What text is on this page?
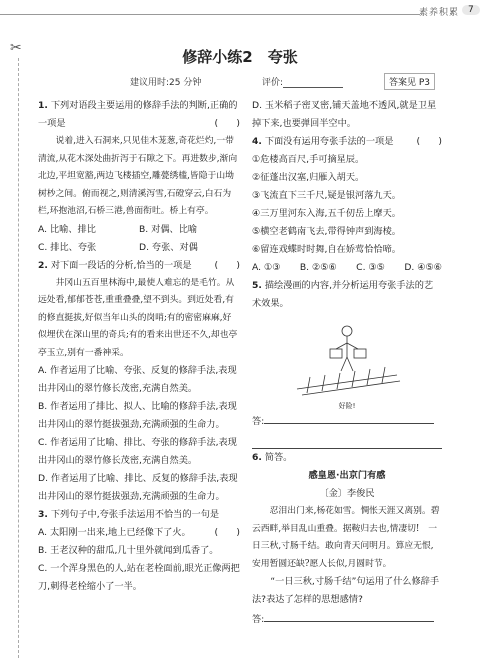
素养积累 7
✂	修辞小练2　夸张
建议用时:25 分钟	评价:	答案见 P3

1. 下列对语段主要运用的修辞手法的判断,正确的一项是	(　　)

说着,进入石洞来,只见佳木茏葱,奇花烂灼,一带清流,从花木深处曲折泻于石隙之下。再进数步,渐向北边,平坦宽豁,两边飞楼插空,雕甍绣槛,皆隐于山坳树杪之间。俯而视之,则清溪泻雪,石磴穿云,白石为栏,环抱池沼,石桥三港,兽面衔吐。桥上有亭。

A. 比喻、排比	B. 对偶、比喻
C. 排比、夸张	D. 夸张、对偶

2. 对下面一段话的分析,恰当的一项是 (　　)

井冈山五百里林海中,最使人难忘的是毛竹。从远处看,郁郁苍苍,重重叠叠,望不到头。到近处看,有的修直挺拔,好似当年山头的岗哨;有的密密麻麻,好似埋伏在深山里的奇兵;有的看来出世还不久,却也亭亭玉立,别有一番神采。

A. 作者运用了比喻、夸张、反复的修辞手法,表现出井冈山的翠竹修长茂密,充满自然美。

B. 作者运用了排比、拟人、比喻的修辞手法,表现出井冈山的翠竹挺拔强劲,充满顽强的生命力。

C. 作者运用了比喻、排比、夸张的修辞手法,表现出井冈山的翠竹修长茂密,充满自然美。

D. 作者运用了比喻、排比、反复的修辞手法,表现出井冈山的翠竹挺拔强劲,充满顽强的生命力。

3. 下列句子中,夸张手法运用不恰当的一句是
(　　)

A. 太阳刚一出来,地上已经像下了火。

B. 王老汉种的甜瓜,几十里外就闻到瓜香了。

C. 一个浑身黑色的人,站在老栓面前,眼光正像两把刀,刺得老栓缩小了一半。

D. 玉米稻子密叉密,铺天盖地不透风,就是卫星掉下来,也要弹回半空中。

4. 下面没有运用夸张手法的一项是	(　　)

①危楼高百尺,手可摘星辰。

②征蓬出汉塞,归雁入胡天。

③飞流直下三千尺,疑是银河落九天。

④三万里河东入海,五千仞岳上摩天。

⑤横空老鹤南飞去,带得钟声到海棱。

⑥留连戏蝶时时舞,自在娇莺恰恰啼。

A. ①③ B. ②⑤⑥ C. ③⑤ D. ④⑤⑥

5. 描绘漫画的内容,并分析运用夸张手法的艺术效果。

好险!

答:

6. 简答。

感皇恩·出京门有感

〔金〕李俊民

忍泪出门来,杨花如雪。惆怅天涯又离别。碧云西畔,举目乱山重叠。据鞍归去也,情凄切!　一日三秋,寸肠千结。敢向青天问明月。算应无恨,安用暂圆还缺?愿人长似,月圆时节。

“一日三秋,寸肠千结”句运用了什么修辞手法?表达了怎样的思想感情?

答:
